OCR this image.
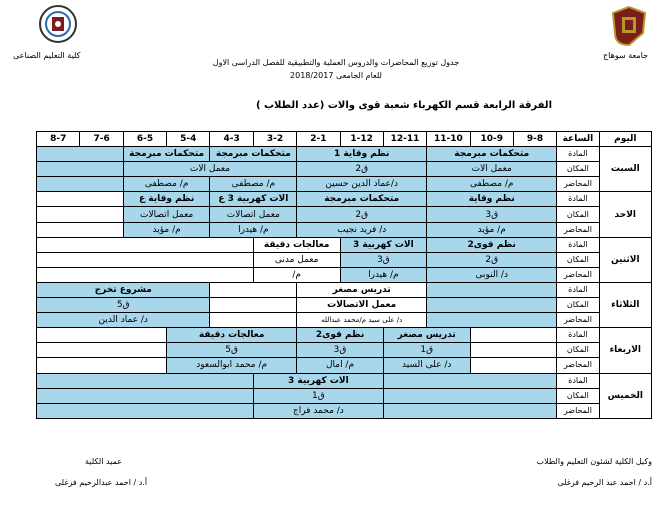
جامعة سوهاج
كلية التعليم الصناعى
جدول توزيع المحاضرات والدروس العملية والتطبيقية للفصل الدراسى الاول
للعام الجامعى 2018/2017
الفرقة الرابعة قسم الكهرباء شعبة قوى والات (عدد الطلاب )
اليوم	الساعة	9-8	10-9	11-10	12-11	1-12	2-1	3-2	4-3	5-4	6-5	7-6	8-7
السبت	المادة	متحكمات مبرمجة			نظم وقاية 1			متحكمات مبرمجة		متحكمات مبرمجة			
	المكان	معمل الات			ق2			معمل الات					
	المحاضر	م/ مصطفى			د/عماد الدين حسين			م/ مصطفى		م/ مصطفى			
الاحد	المادة	نظم وقاية			متحكمات مبرمجة			الات كهربية 3 ع		نظم وقاية ع			
	المكان	ق3			ق2			معمل اتصالات		معمل اتصالات			
	المحاضر	م/ مؤيد			د/ فريد نجيب			م/ هيدرا		م/ مؤيد			
الاثنين	المادة	نظم قوى2			الات كهربية 3		معالجات دقيقة						
	المكان	ق2			ق3		معمل مدنى						
	المحاضر	د/ النوبى			م/ هيدرا		م/						
الثلاثاء	المادة				تدريس مصغر					مشروع تخرج			
	المكان				معمل الاتصالات					ق5			
	المحاضر				د/ على سيد م/محمد عبدالله					د/ عماد الدين			
الاربعاء	المادة			تدريس مصغر		نظم قوى2		معالجات دقيقة					
	المكان			ق1		ق3		ق5					
	المحاضر			د/ على السيد		م/ امال		م/ محمد ابوالسعود					
الخميس	المادة					الات كهربية 3							
	المكان					ق1							
	المحاضر					د/ محمد فراج							
وكيل الكلية لشئون التعليم والطلاب
أ.د / احمد عبد الرحيم فرغلى
عميد الكلية
أ.د / احمد عبدالرحيم فرغلى
